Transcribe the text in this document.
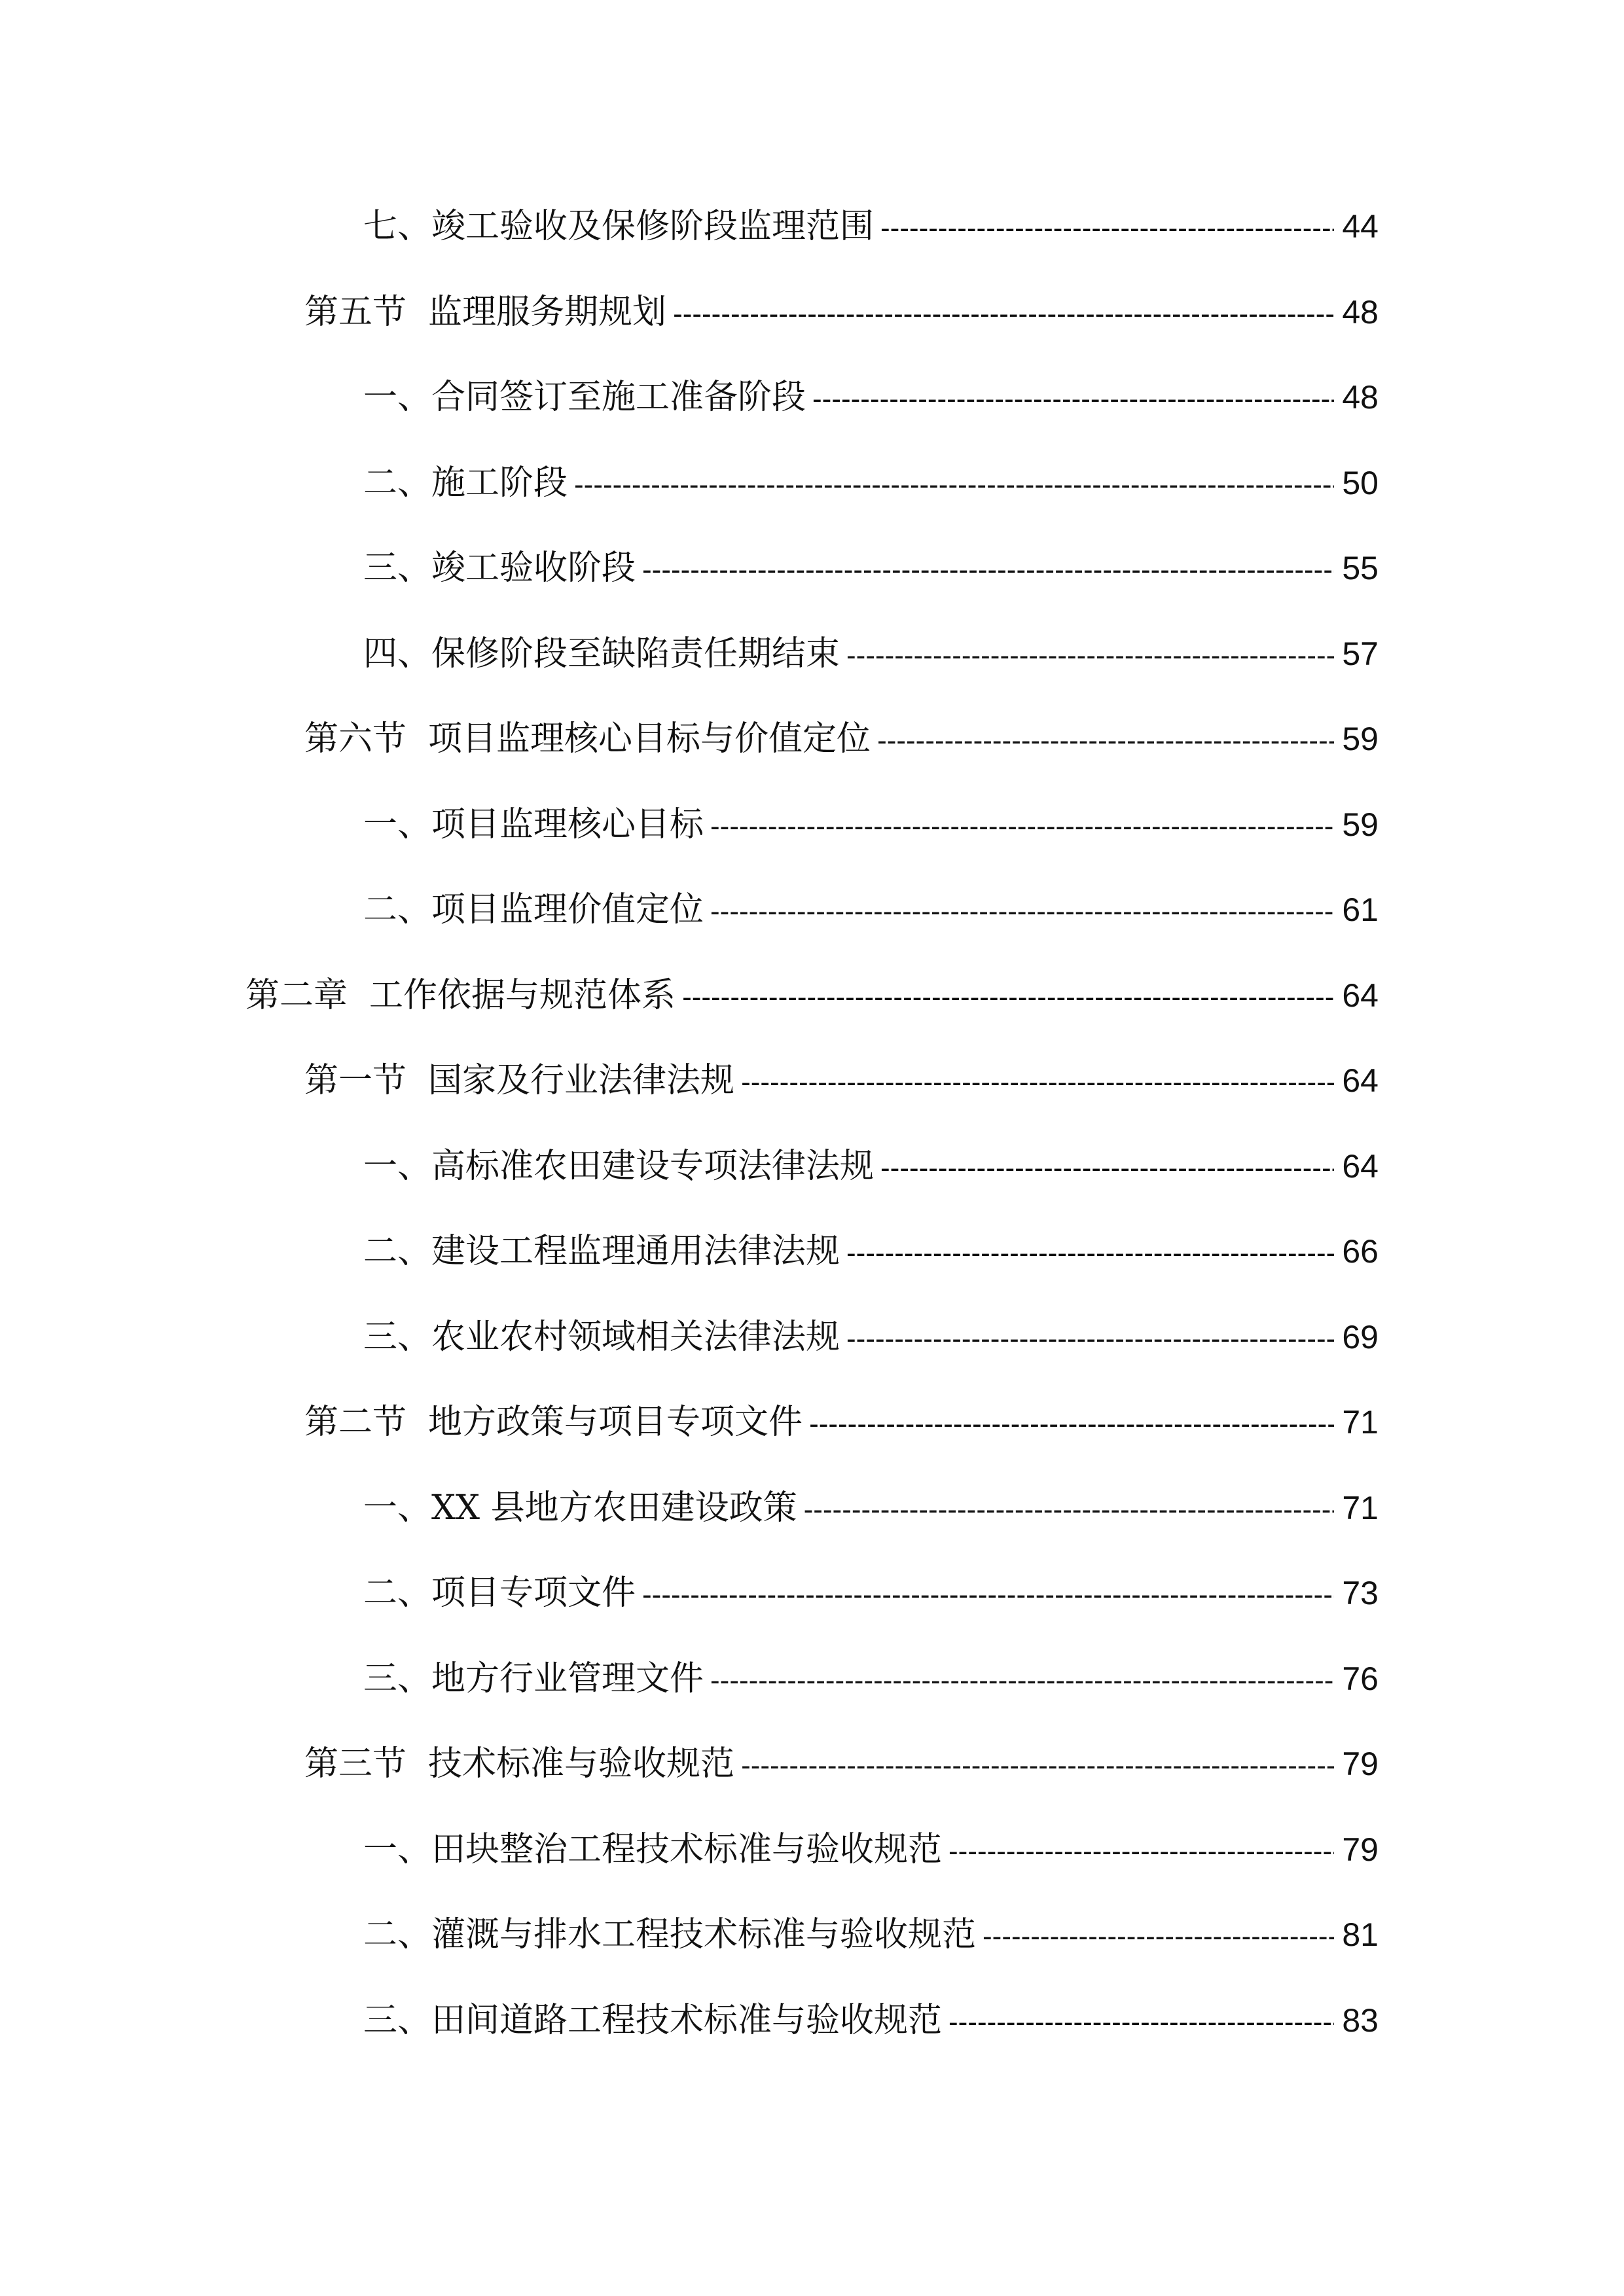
七、竣工验收及保修阶段监理范围 -----	44
第五节  监理服务期规划 -----	48
一、合同签订至施工准备阶段 -----	48
二、施工阶段 -----	50
三、竣工验收阶段 -----	55
四、保修阶段至缺陷责任期结束 -----	57
第六节  项目监理核心目标与价值定位 -----	59
一、项目监理核心目标 -----	59
二、项目监理价值定位 -----	61
第二章  工作依据与规范体系 -----	64
第一节  国家及行业法律法规 -----	64
一、高标准农田建设专项法律法规 -----	64
二、建设工程监理通用法律法规 -----	66
三、农业农村领域相关法律法规 -----	69
第二节  地方政策与项目专项文件 -----	71
一、XX 县地方农田建设政策 -----	71
二、项目专项文件 -----	73
三、地方行业管理文件 -----	76
第三节  技术标准与验收规范 -----	79
一、田块整治工程技术标准与验收规范 -----	79
二、灌溉与排水工程技术标准与验收规范 -----	81
三、田间道路工程技术标准与验收规范 -----	83
